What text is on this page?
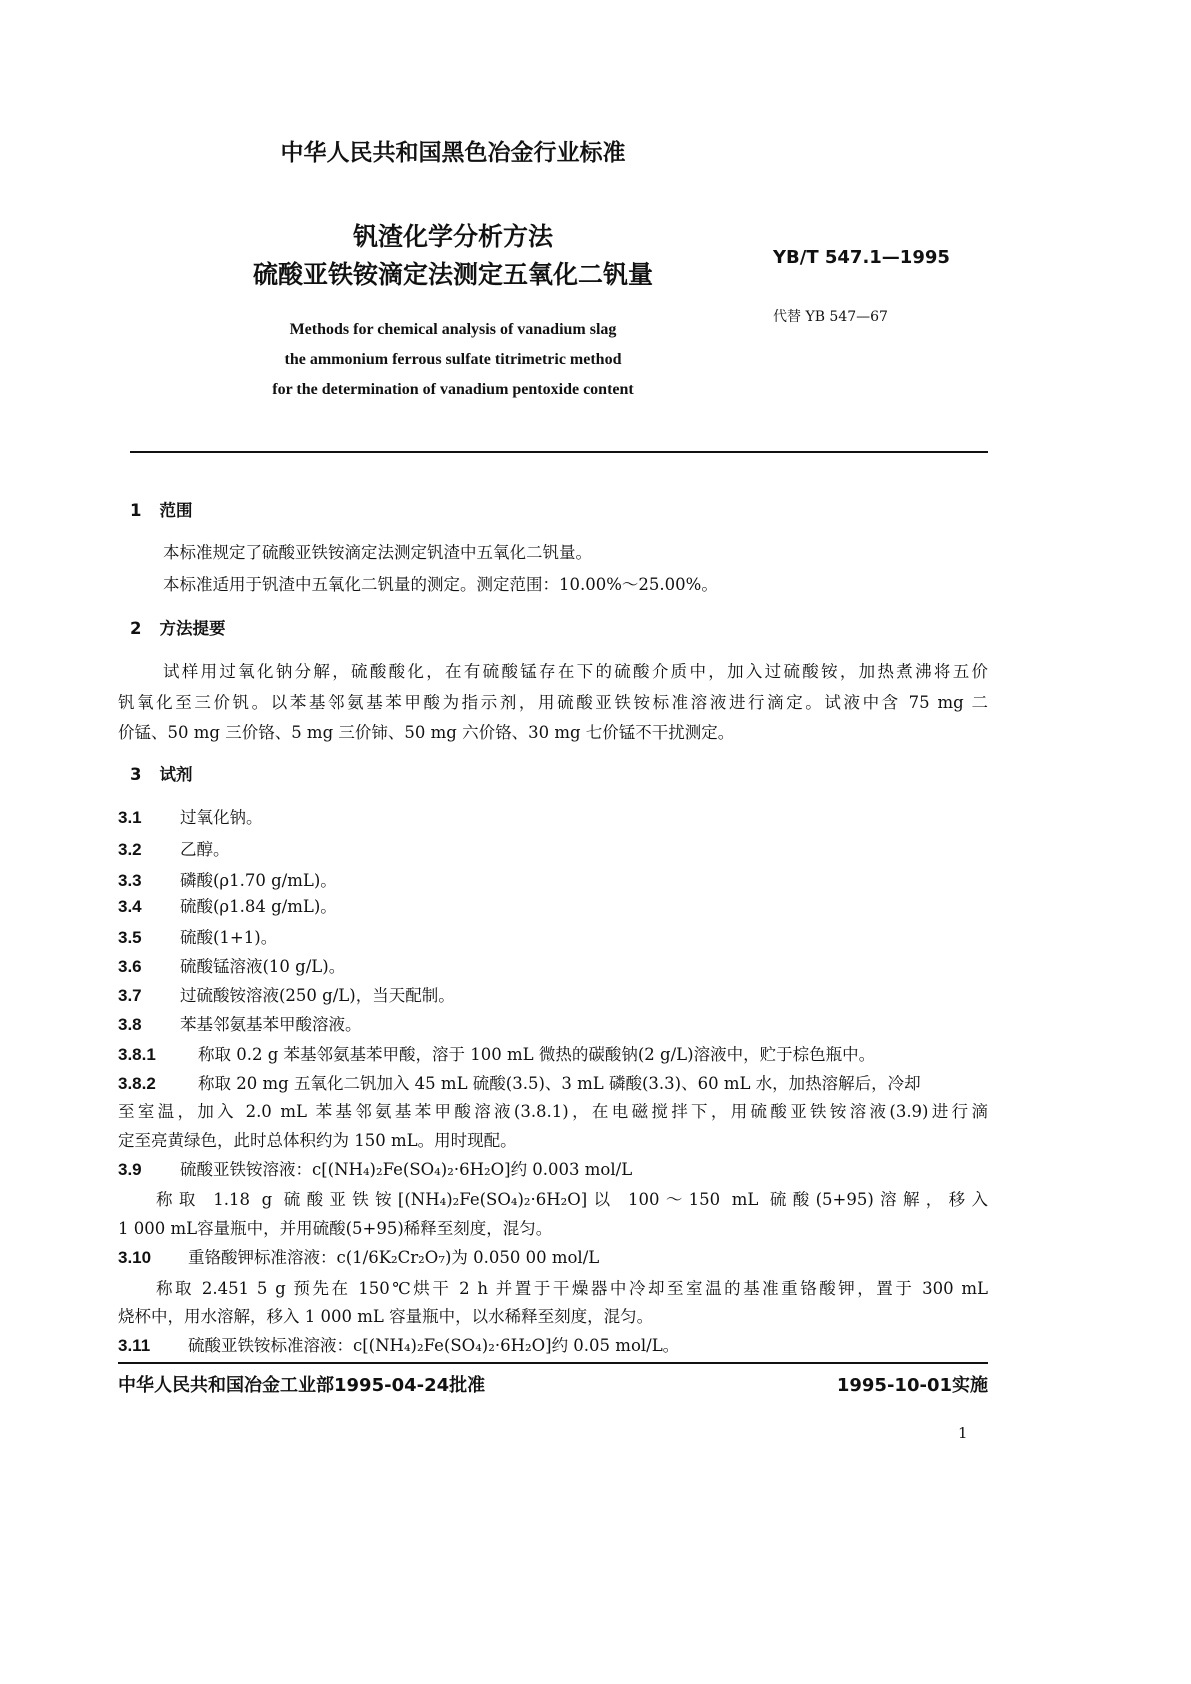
中华人民共和国黑色冶金行业标准
钒渣化学分析方法
硫酸亚铁铵滴定法测定五氧化二钒量
YB/T 547.1—1995
代替 YB 547—67
Methods for chemical analysis of vanadium slag
the ammonium ferrous sulfate titrimetric method
for the determination of vanadium pentoxide content
1 范围
本标准规定了硫酸亚铁铵滴定法测定钒渣中五氧化二钒量。
本标准适用于钒渣中五氧化二钒量的测定。测定范围：10.00%～25.00%。
2 方法提要
试样用过氧化钠分解，硫酸酸化，在有硫酸锰存在下的硫酸介质中，加入过硫酸铵，加热煮沸将五价
钒氧化至三价钒。以苯基邻氨基苯甲酸为指示剂，用硫酸亚铁铵标准溶液进行滴定。试液中含 75 mg 二
价锰、50 mg 三价铬、5 mg 三价铈、50 mg 六价铬、30 mg 七价锰不干扰测定。
3 试剂
3.1 过氧化钠。
3.2 乙醇。
3.3 磷酸(ρ1.70 g/mL)。
3.4 硫酸(ρ1.84 g/mL)。
3.5 硫酸(1+1)。
3.6 硫酸锰溶液(10 g/L)。
3.7 过硫酸铵溶液(250 g/L)，当天配制。
3.8 苯基邻氨基苯甲酸溶液。
3.8.1	称取 0.2 g 苯基邻氨基苯甲酸，溶于 100 mL 微热的碳酸钠(2 g/L)溶液中，贮于棕色瓶中。
3.8.2	称取 20 mg 五氧化二钒加入 45 mL 硫酸(3.5)、3 mL 磷酸(3.3)、60 mL 水，加热溶解后，冷却
至室温，加入 2.0 mL 苯基邻氨基苯甲酸溶液(3.8.1)，在电磁搅拌下，用硫酸亚铁铵溶液(3.9)进行滴
定至亮黄绿色，此时总体积约为 150 mL。用时现配。
3.9 硫酸亚铁铵溶液：c[(NH₄)₂Fe(SO₄)₂·6H₂O]约 0.003 mol/L
称取 1.18 g 硫酸亚铁铵[(NH₄)₂Fe(SO₄)₂·6H₂O]以 100～150 mL 硫酸(5+95)溶解，移入
1 000 mL容量瓶中，并用硫酸(5+95)稀释至刻度，混匀。
3.10 重铬酸钾标准溶液：c(1/6K₂Cr₂O₇)为 0.050 00 mol/L
称取 2.451 5 g 预先在 150℃烘干 2 h 并置于干燥器中冷却至室温的基准重铬酸钾，置于 300 mL
烧杯中，用水溶解，移入 1 000 mL 容量瓶中，以水稀释至刻度，混匀。
3.11 硫酸亚铁铵标准溶液：c[(NH₄)₂Fe(SO₄)₂·6H₂O]约 0.05 mol/L。
中华人民共和国冶金工业部1995-04-24批准	1995-10-01实施
1
